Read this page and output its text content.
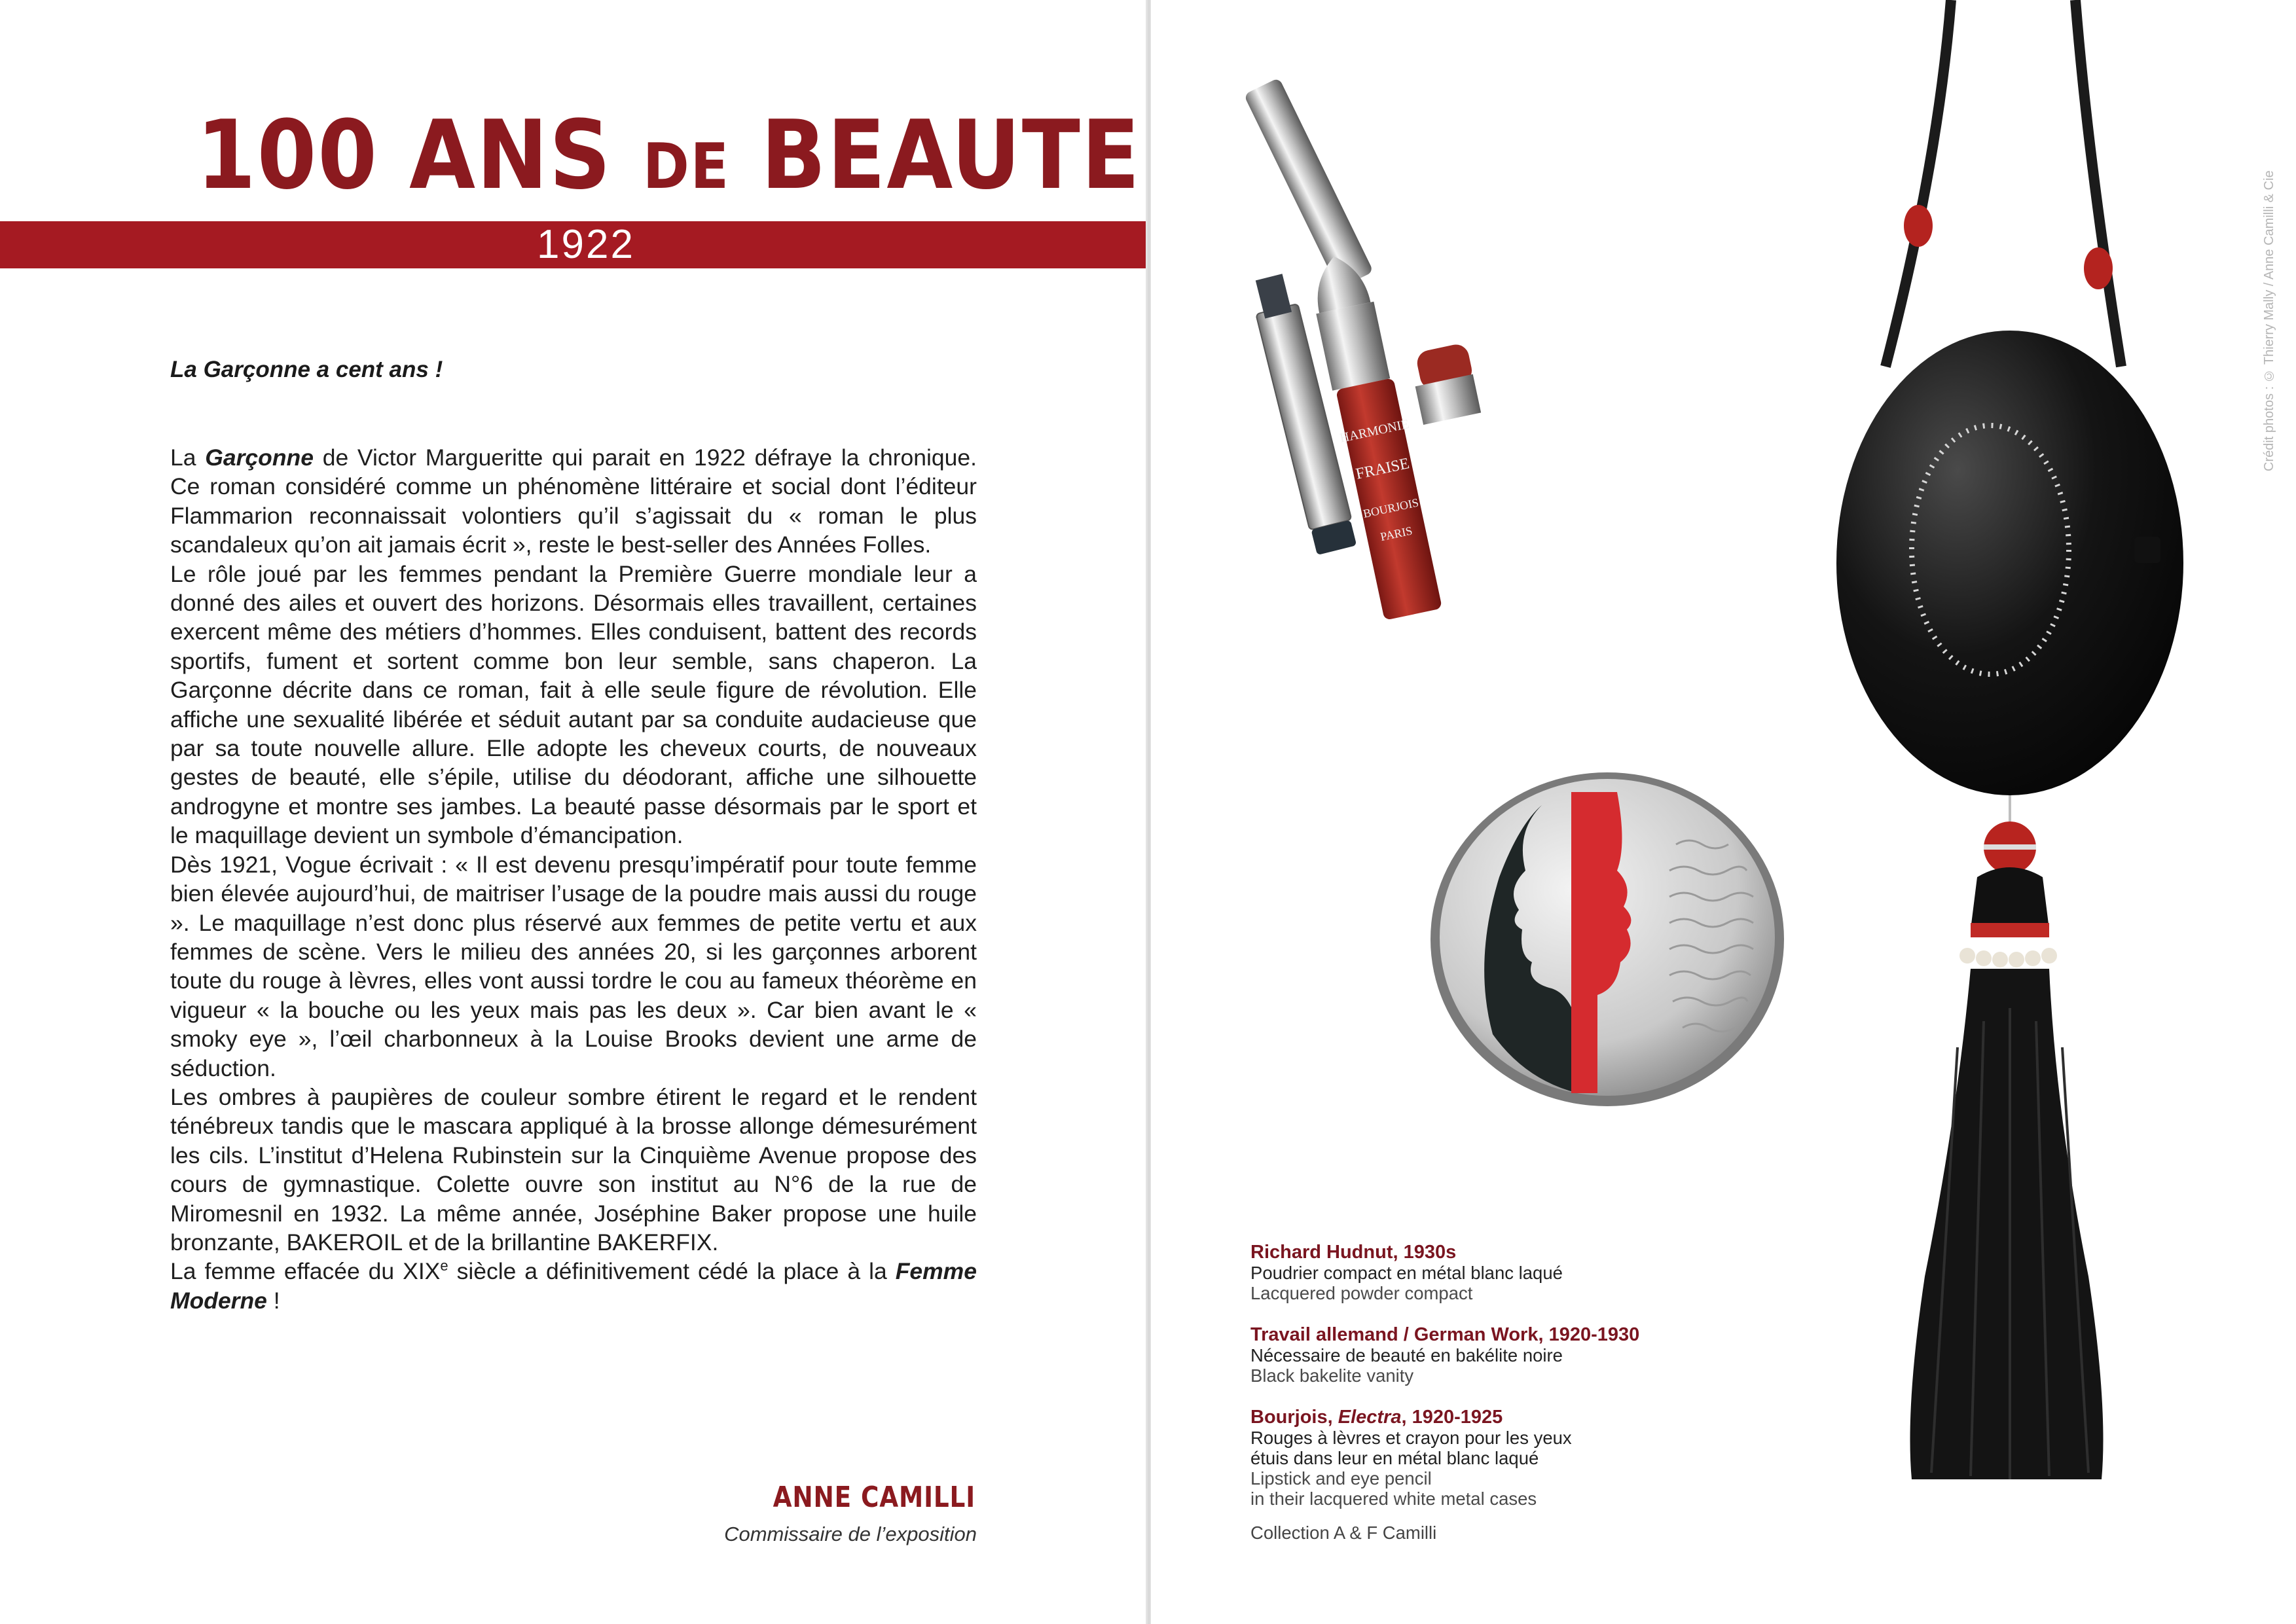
100 ANS DE BEAUTE
La Garçonne a cent ans !

La Garçonne de Victor Margueritte qui parait en 1922 défraye la chronique. Ce roman considéré comme un phénomène littéraire et social dont l’éditeur Flammarion reconnaissait volontiers qu’il s’agissait du « roman le plus scandaleux qu’on ait jamais écrit », reste le best-seller des Années Folles.

Le rôle joué par les femmes pendant la Première Guerre mondiale leur a donné des ailes et ouvert des horizons. Désormais elles travaillent, certaines exercent même des métiers d’hommes. Elles conduisent, battent des records sportifs, fument et sortent comme bon leur semble, sans chaperon. La Garçonne décrite dans ce roman, fait à elle seule figure de révolution. Elle affiche une sexualité libérée et séduit autant par sa conduite audacieuse que par sa toute nouvelle allure. Elle adopte les cheveux courts, de nouveaux gestes de beauté, elle s’épile, utilise du déodorant, affiche une silhouette androgyne et montre ses jambes. La beauté passe désormais par le sport et le maquillage devient un symbole d’émancipation.

Dès 1921, Vogue écrivait : « Il est devenu presqu’impératif pour toute femme bien élevée aujourd’hui, de maitriser l’usage de la poudre mais aussi du rouge ». Le maquillage n’est donc plus réservé aux femmes de petite vertu et aux femmes de scène. Vers le milieu des années 20, si les garçonnes arborent toute du rouge à lèvres, elles vont aussi tordre le cou au fameux théorème en vigueur « la bouche ou les yeux mais pas les deux ». Car bien avant le « smoky eye », l’œil charbonneux à la Louise Brooks devient une arme de séduction.

Les ombres à paupières de couleur sombre étirent le regard et le rendent ténébreux tandis que le mascara appliqué à la brosse allonge démesurément les cils. L’institut d’Helena Rubinstein sur la Cinquième Avenue propose des cours de gymnastique. Colette ouvre son institut au N°6 de la rue de Miromesnil en 1932. La même année, Joséphine Baker propose une huile bronzante, BAKEROIL et de la brillantine BAKERFIX.

La femme effacée du XIXe siècle a définitivement cédé la place à la Femme Moderne !

ANNE CAMILLI
Commissaire de l’exposition
1922 - 2022
HARMONIE
FRAISE
BOURJOIS
PARIS
Crédit photos : © Thierry Mally / Anne Camilli & Cie
Richard Hudnut, 1930s
Poudrier compact en métal blanc laqué
Lacquered powder compact
Travail allemand / German Work, 1920-1930
Nécessaire de beauté en bakélite noire
Black bakelite vanity
Bourjois, Electra, 1920-1925
Rouges à lèvres et crayon pour les yeux
étuis dans leur en métal blanc laqué
Lipstick and eye pencil
in their lacquered white metal cases
Collection A & F Camilli
